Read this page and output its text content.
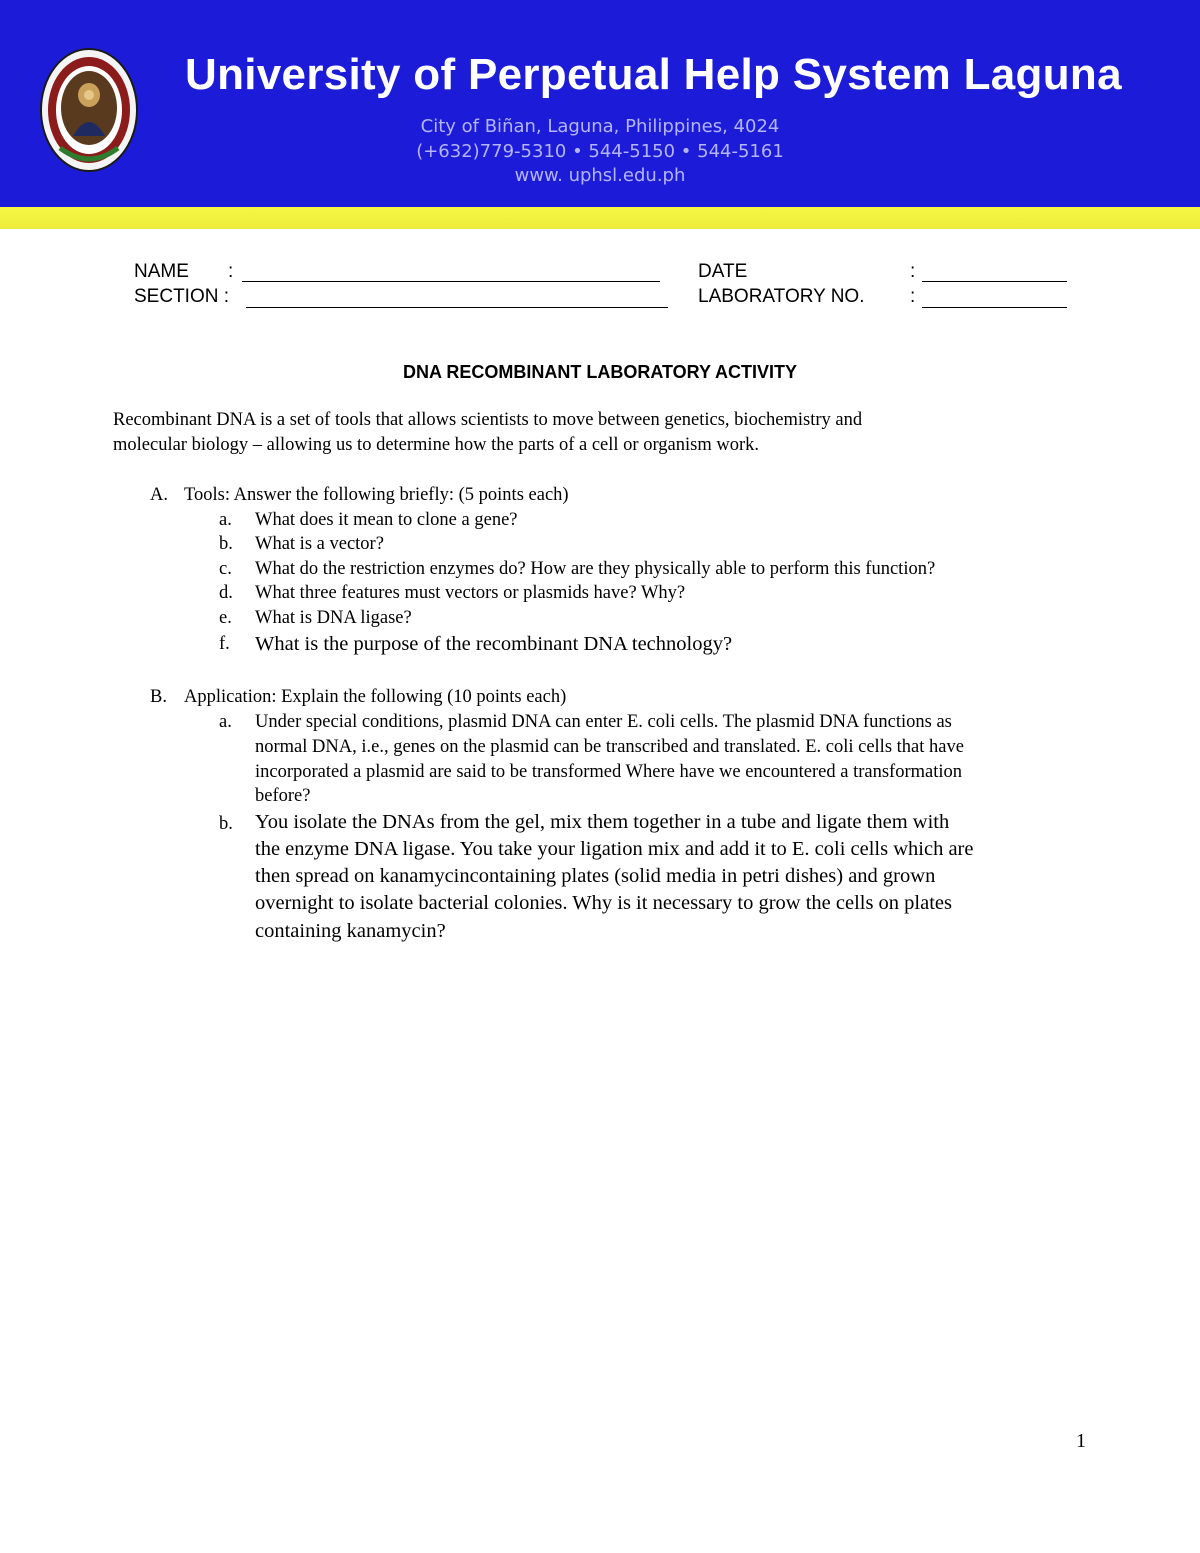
University of Perpetual Help System Laguna
City of Biñan, Laguna, Philippines, 4024
(+632)779-5310 • 544-5150 • 544-5161
www. uphsl.edu.ph
NAME :
SECTION :
DATE	:
LABORATORY NO. :
DNA RECOMBINANT LABORATORY ACTIVITY
Recombinant DNA is a set of tools that allows scientists to move between genetics, biochemistry and
molecular biology – allowing us to determine how the parts of a cell or organism work.
A. Tools: Answer the following briefly: (5 points each)
a. What does it mean to clone a gene?
b. What is a vector?
c. What do the restriction enzymes do? How are they physically able to perform this function?
d. What three features must vectors or plasmids have? Why?
e. What is DNA ligase?
f. What is the purpose of the recombinant DNA technology?
B. Application: Explain the following (10 points each)
a. Under special conditions, plasmid DNA can enter E. coli cells. The plasmid DNA functions as
normal DNA, i.e., genes on the plasmid can be transcribed and translated. E. coli cells that have
incorporated a plasmid are said to be transformed Where have we encountered a transformation
before?
b. You isolate the DNAs from the gel, mix them together in a tube and ligate them with
the enzyme DNA ligase. You take your ligation mix and add it to E. coli cells which are
then spread on kanamycincontaining plates (solid media in petri dishes) and grown
overnight to isolate bacterial colonies. Why is it necessary to grow the cells on plates
containing kanamycin?
1
